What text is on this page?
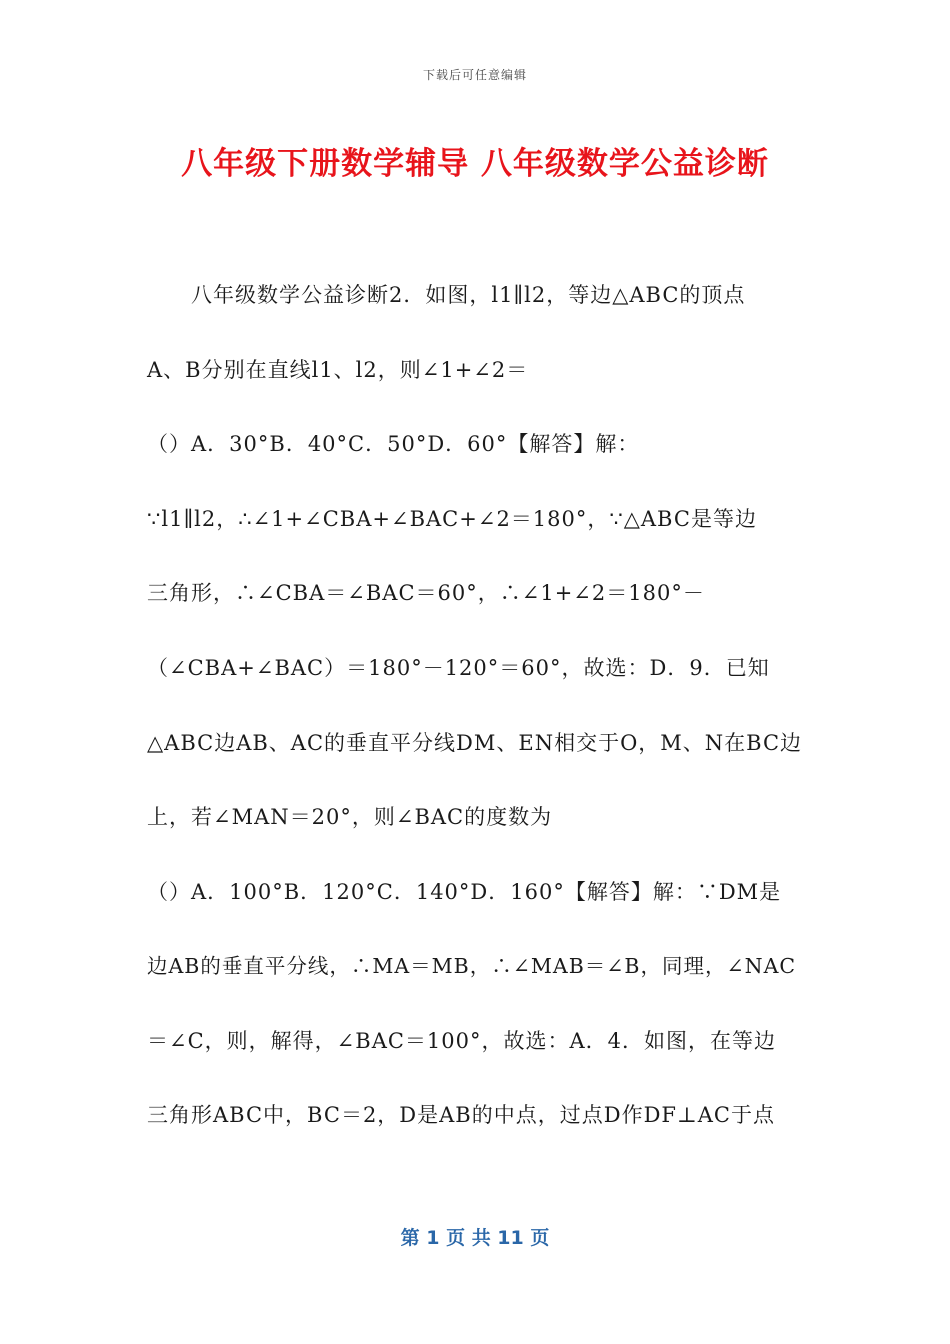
下载后可任意编辑
八年级下册数学辅导 八年级数学公益诊断
　　八年级数学公益诊断2．如图，l1∥l2，等边△ABC的顶点
A、B分别在直线l1、l2，则∠1+∠2＝
（）A．30°B．40°C．50°D．60°【解答】解：
∵l1∥l2，∴∠1+∠CBA+∠BAC+∠2＝180°，∵△ABC是等边
三角形，∴∠CBA＝∠BAC＝60°，∴∠1+∠2＝180°－
（∠CBA+∠BAC）＝180°－120°＝60°，故选：D．9．已知
△ABC边AB、AC的垂直平分线DM、EN相交于O，M、N在BC边
上，若∠MAN＝20°，则∠BAC的度数为
（）A．100°B．120°C．140°D．160°【解答】解：∵DM是
边AB的垂直平分线，∴MA＝MB，∴∠MAB＝∠B，同理，∠NAC
＝∠C，则，解得，∠BAC＝100°，故选：A．4．如图，在等边
三角形ABC中，BC＝2，D是AB的中点，过点D作DF⊥AC于点
第 1 页 共 11 页
